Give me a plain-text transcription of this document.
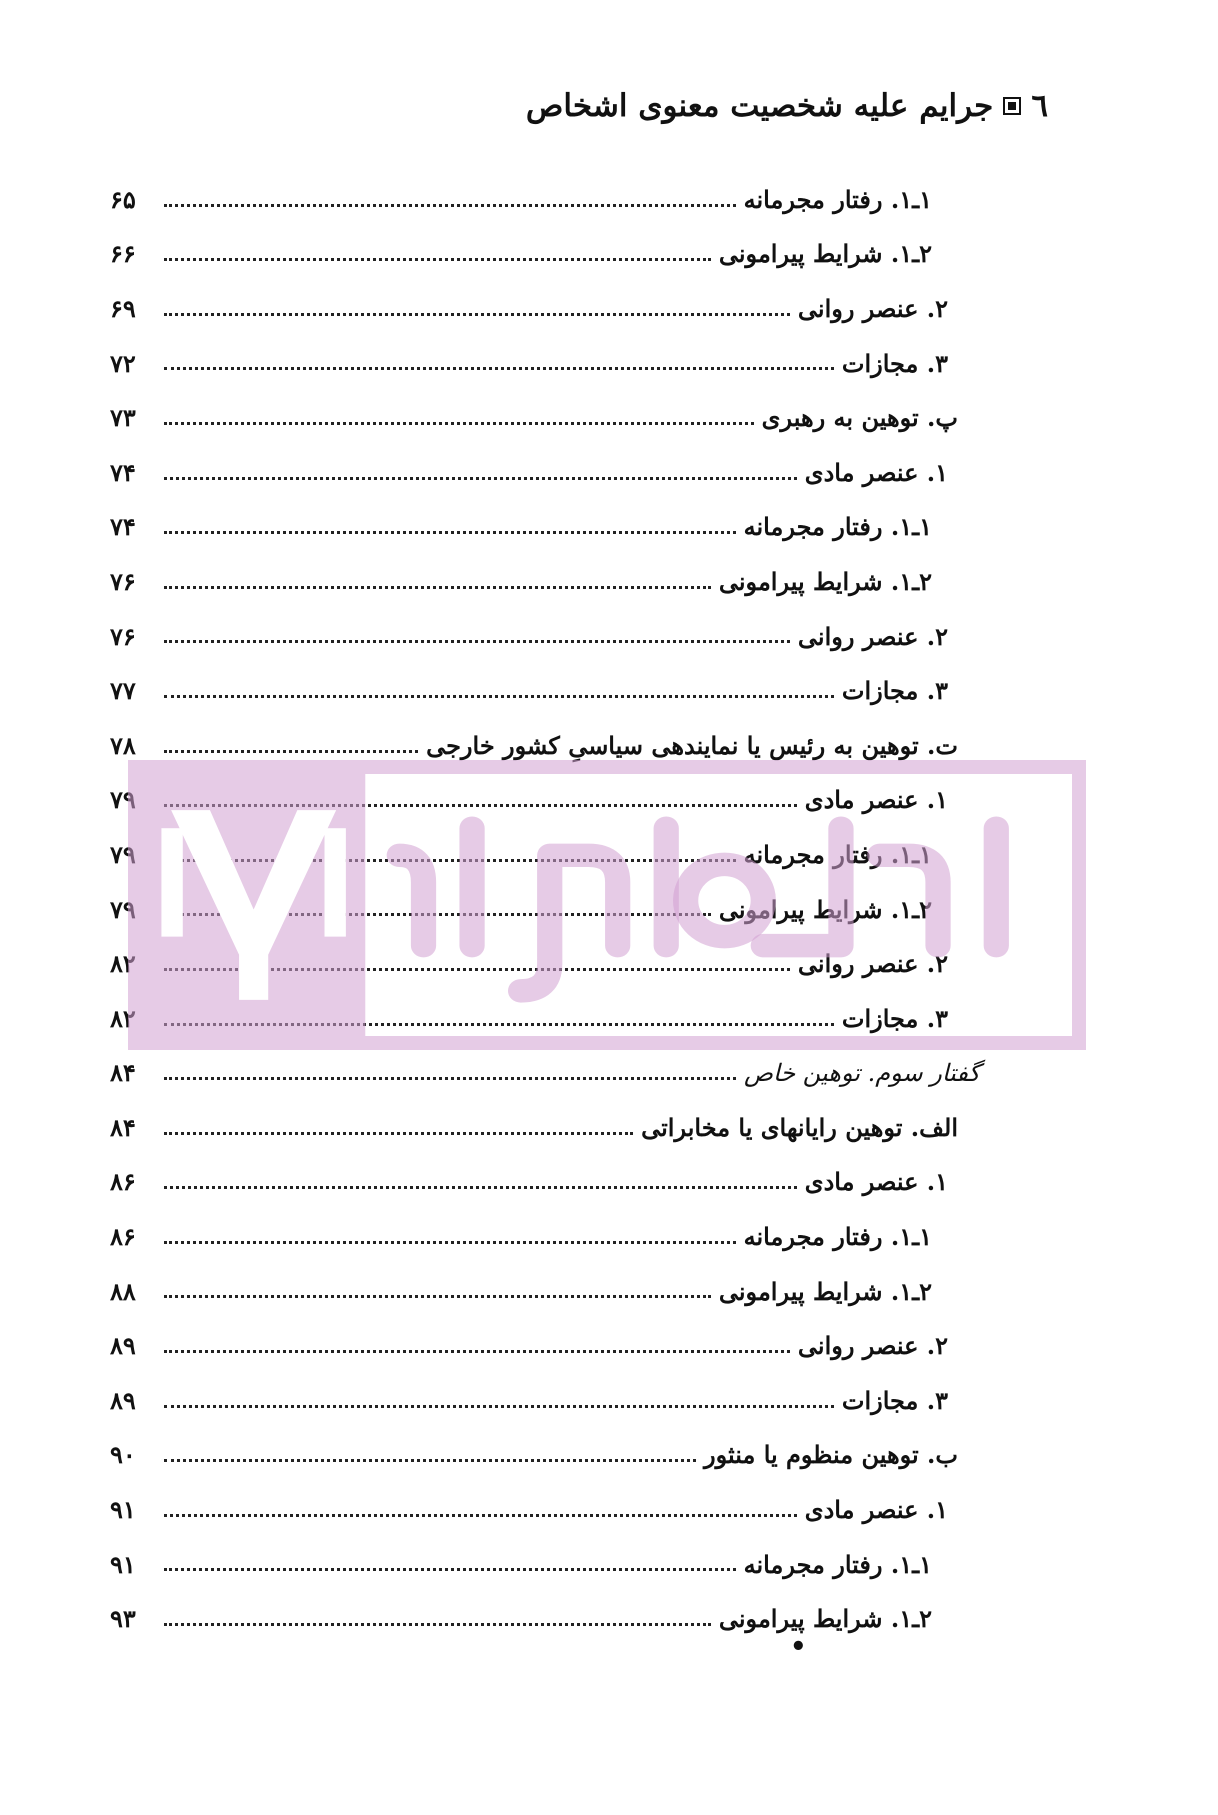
٦
جرایم علیه شخصیت معنوی اشخاص
۱ـ۱. رفتار مجرمانه
۶۵
۲ـ۱. شرایط پیرامونی
۶۶
۲. عنصر روانی
۶۹
۳. مجازات
۷۲
پ. توهین به رهبری
۷۳
۱. عنصر مادی
۷۴
۱ـ۱. رفتار مجرمانه
۷۴
۲ـ۱. شرایط پیرامونی
۷۶
۲. عنصر روانی
۷۶
۳. مجازات
۷۷
ت. توهین به رئیس یا نمایندهی سیاسیِ کشور خارجی
۷۸
۱. عنصر مادی
۷۹
۱ـ۱. رفتار مجرمانه
۷۹
۲ـ۱. شرایط پیرامونی
۷۹
۲. عنصر روانی
۸۲
۳. مجازات
۸۲
گفتار سوم. توهین خاص
۸۴
الف. توهین رایانهای یا مخابراتی
۸۴
۱. عنصر مادی
۸۶
۱ـ۱. رفتار مجرمانه
۸۶
۲ـ۱. شرایط پیرامونی
۸۸
۲. عنصر روانی
۸۹
۳. مجازات
۸۹
ب. توهین منظوم یا منثور
۹۰
۱. عنصر مادی
۹۱
۱ـ۱. رفتار مجرمانه
۹۱
۲ـ۱. شرایط پیرامونی
۹۳
•
